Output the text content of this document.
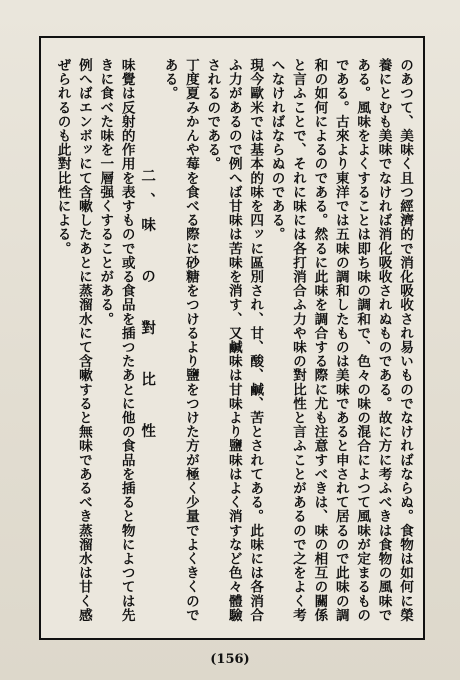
のあつて、美味く且つ經濟的で消化吸收され易いものでなければならぬ。食物は如何に榮養にとむも美味でなければ消化吸收されぬものである。故に方に考ふべきは食物の風味である。風味をよくすることは即ち味の調和で、色々の味の混合によつて風味が定まるものである。古來より東洋では五味の調和したものは美味であると申されて居るので此味の調和の如何によるのである。然るに此味を調合する際に尤も注意すべきは、味の相互の關係と言ふことで、それに味には各打消合ふ力や味の對比性と言ふことがあるので之をよく考へなければならぬのである。

現今歐米では基本的味を四ッに區別され、甘、酸、鹹、苦とされてある。此味には各消合ふ力があるので例へば甘味は苦味を消す、又鹹味は甘味より鹽味はよく消すなど色々體驗されるのである。

丁度夏みかんや莓を食べる際に砂糖をつけるより鹽をつけた方が極く少量でよくきくのである。

二、味 の 對 比 性

味覺は反射的作用を表すもので或る食品を插つたあとに他の食品を插ると物によつては先きに食べた味を一層强くすることがある。

例へばエンボッにて含嗽したあとに蒸溜水にて含嗽すると無味であるべき蒸溜水は甘く感ぜられるのも此對比性による。

(156)
